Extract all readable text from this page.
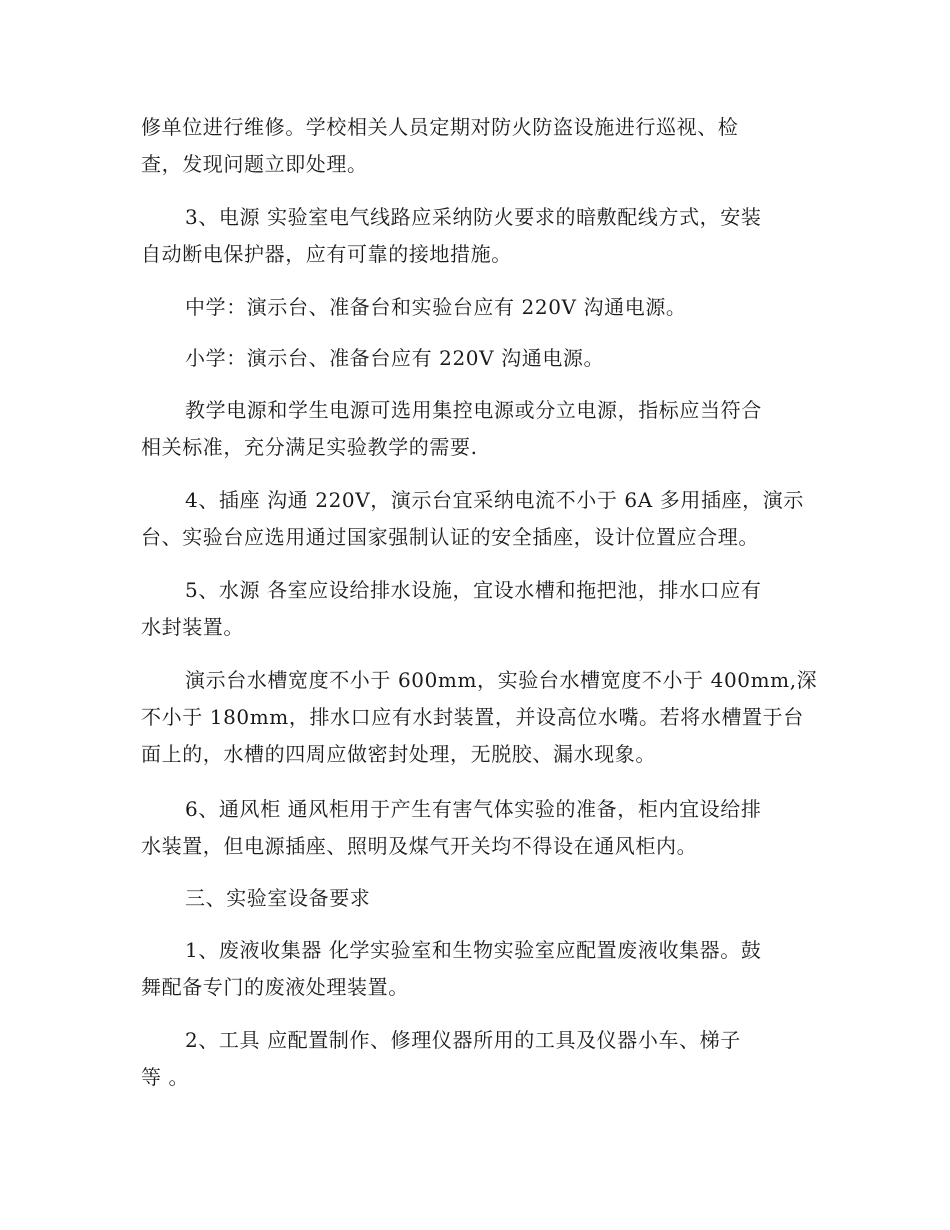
修单位进行维修。学校相关人员定期对防火防盗设施进行巡视、检
查，发现问题立即处理。

3、电源 实验室电气线路应采纳防火要求的暗敷配线方式，安装
自动断电保护器，应有可靠的接地措施。

中学：演示台、准备台和实验台应有 220V 沟通电源。

小学：演示台、准备台应有 220V 沟通电源。

教学电源和学生电源可选用集控电源或分立电源，指标应当符合
相关标准，充分满足实验教学的需要.

4、插座 沟通 220V，演示台宜采纳电流不小于 6A 多用插座，演示
台、实验台应选用通过国家强制认证的安全插座，设计位置应合理。

5、水源 各室应设给排水设施，宜设水槽和拖把池，排水口应有
水封装置。

演示台水槽宽度不小于 600mm，实验台水槽宽度不小于 400mm,深
不小于 180mm，排水口应有水封装置，并设高位水嘴。若将水槽置于台
面上的，水槽的四周应做密封处理，无脱胶、漏水现象。

6、通风柜 通风柜用于产生有害气体实验的准备，柜内宜设给排
水装置，但电源插座、照明及煤气开关均不得设在通风柜内。

三、实验室设备要求

1、废液收集器 化学实验室和生物实验室应配置废液收集器。鼓
舞配备专门的废液处理装置。

2、工具 应配置制作、修理仪器所用的工具及仪器小车、梯子
等 。
